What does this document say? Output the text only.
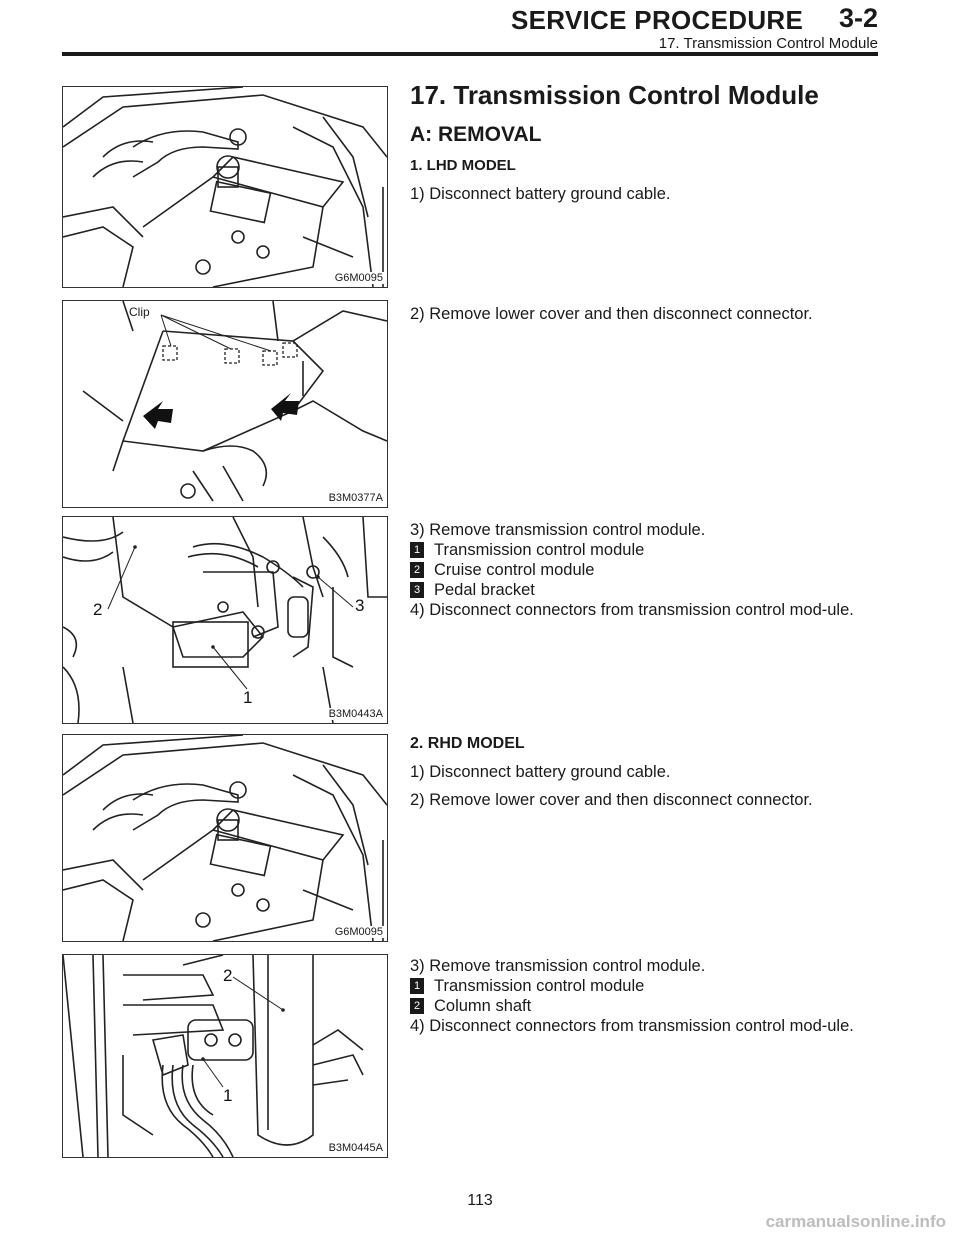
SERVICE PROCEDURE 3-2
17. Transmission Control Module
G6M0095

17. Transmission Control Module

A: REMOVAL

1. LHD MODEL

1) Disconnect battery ground cable.

Clip
B3M0377A

2) Remove lower cover and then disconnect connector.

2
1
3
B3M0443A

3) Remove transmission control module.

1 Transmission control module

2 Cruise control module

3 Pedal bracket

4) Disconnect connectors from transmission control mod-ule.

G6M0095

2. RHD MODEL

1) Disconnect battery ground cable.

2) Remove lower cover and then disconnect connector.

2
1
B3M0445A

3) Remove transmission control module.

1 Transmission control module

2 Column shaft

4) Disconnect connectors from transmission control mod-ule.

113
carmanualsonline.info
